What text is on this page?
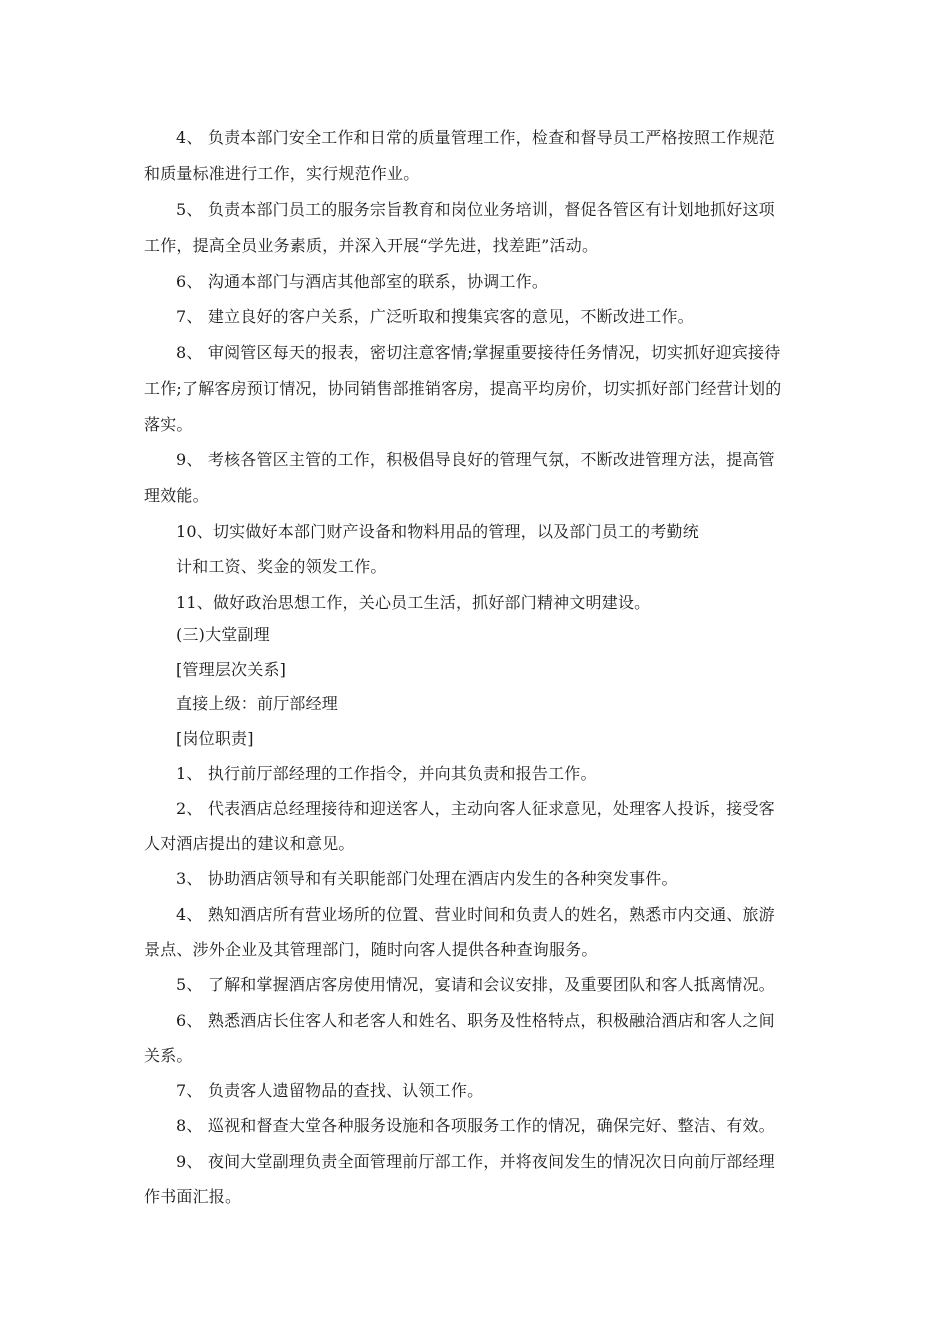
4、 负责本部门安全工作和日常的质量管理工作，检查和督导员工严格按照工作规范
和质量标准进行工作，实行规范作业。
5、 负责本部门员工的服务宗旨教育和岗位业务培训，督促各管区有计划地抓好这项
工作，提高全员业务素质，并深入开展“学先进，找差距”活动。
6、 沟通本部门与酒店其他部室的联系，协调工作。
7、 建立良好的客户关系，广泛听取和搜集宾客的意见，不断改进工作。
8、 审阅管区每天的报表，密切注意客情;掌握重要接待任务情况，切实抓好迎宾接待
工作;了解客房预订情况，协同销售部推销客房，提高平均房价，切实抓好部门经营计划的
落实。
9、 考核各管区主管的工作，积极倡导良好的管理气氛，不断改进管理方法，提高管
理效能。
10、切实做好本部门财产设备和物料用品的管理，以及部门员工的考勤统
计和工资、奖金的领发工作。
11、做好政治思想工作，关心员工生活，抓好部门精神文明建设。
(三)大堂副理
[管理层次关系]
直接上级：前厅部经理
[岗位职责]
1、 执行前厅部经理的工作指令，并向其负责和报告工作。
2、 代表酒店总经理接待和迎送客人，主动向客人征求意见，处理客人投诉，接受客
人对酒店提出的建议和意见。
3、 协助酒店领导和有关职能部门处理在酒店内发生的各种突发事件。
4、 熟知酒店所有营业场所的位置、营业时间和负责人的姓名，熟悉市内交通、旅游
景点、涉外企业及其管理部门，随时向客人提供各种查询服务。
5、 了解和掌握酒店客房使用情况，宴请和会议安排，及重要团队和客人抵离情况。
6、 熟悉酒店长住客人和老客人和姓名、职务及性格特点，积极融洽酒店和客人之间
关系。
7、 负责客人遗留物品的查找、认领工作。
8、 巡视和督查大堂各种服务设施和各项服务工作的情况，确保完好、整洁、有效。
9、 夜间大堂副理负责全面管理前厅部工作，并将夜间发生的情况次日向前厅部经理
作书面汇报。
